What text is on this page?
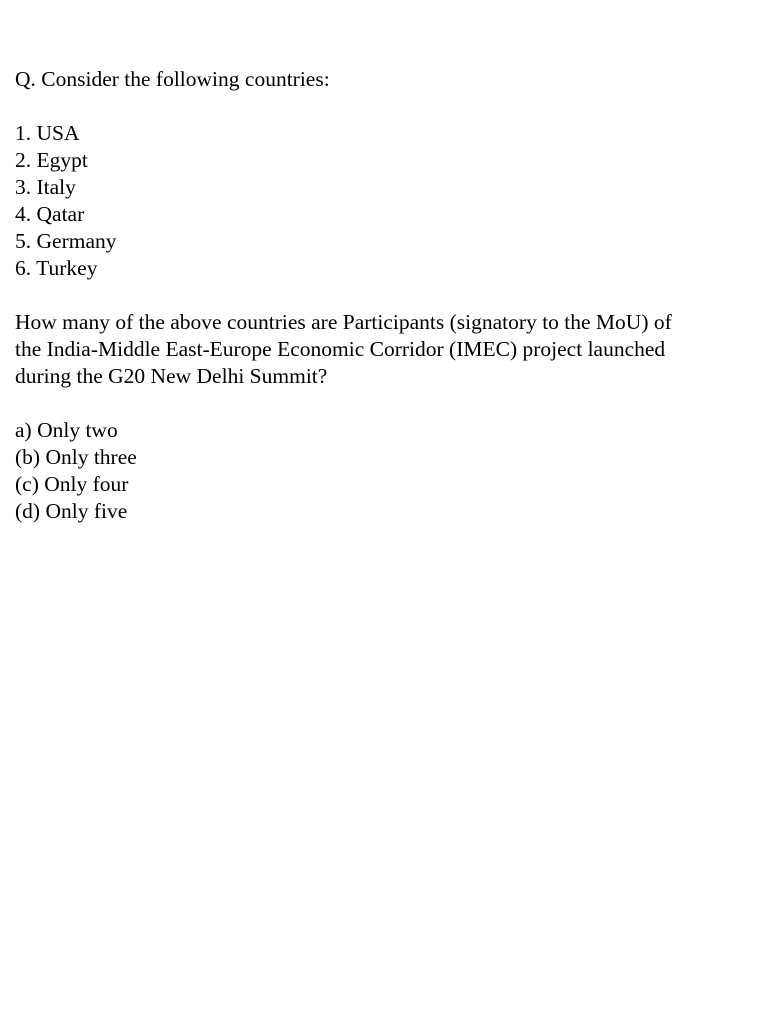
Q. Consider the following countries:
1. USA
2. Egypt
3. Italy
4. Qatar
5. Germany
6. Turkey
How many of the above countries are Participants (signatory to the MoU) of
the India-Middle East-Europe Economic Corridor (IMEC) project launched
during the G20 New Delhi Summit?
a) Only two
(b) Only three
(c) Only four
(d) Only five
